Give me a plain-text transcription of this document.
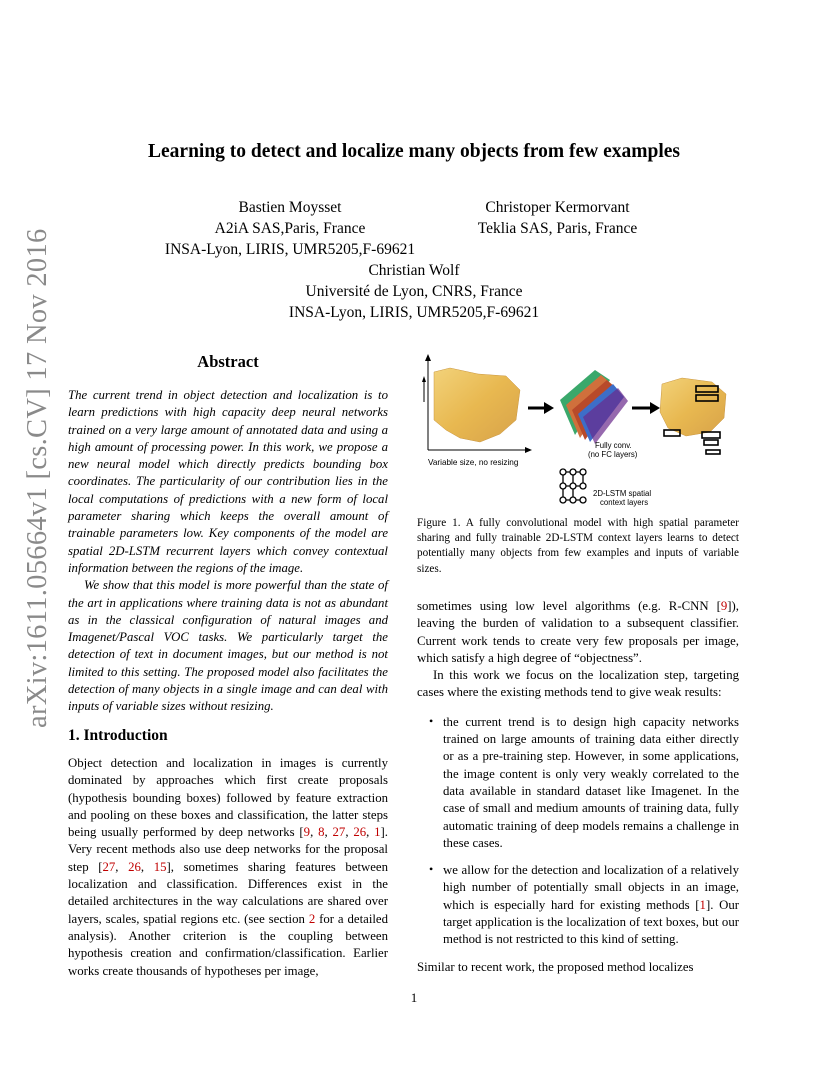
arXiv:1611.05664v1 [cs.CV] 17 Nov 2016
Learning to detect and localize many objects from few examples
Bastien Moysset
A2iA SAS,Paris, France
INSA-Lyon, LIRIS, UMR5205,F-69621
Christoper Kermorvant
Teklia SAS, Paris, France
Christian Wolf
Université de Lyon, CNRS, France
INSA-Lyon, LIRIS, UMR5205,F-69621
Abstract

The current trend in object detection and localization is to learn predictions with high capacity deep neural networks trained on a very large amount of annotated data and using a high amount of processing power. In this work, we propose a new neural model which directly predicts bounding box coordinates. The particularity of our contribution lies in the local computations of predictions with a new form of local parameter sharing which keeps the overall amount of trainable parameters low. Key components of the model are spatial 2D-LSTM recurrent layers which convey contextual information between the regions of the image.

We show that this model is more powerful than the state of the art in applications where training data is not as abundant as in the classical configuration of natural images and Imagenet/Pascal VOC tasks. We particularly target the detection of text in document images, but our method is not limited to this setting. The proposed model also facilitates the detection of many objects in a single image and can deal with inputs of variable sizes without resizing.

1. Introduction

Object detection and localization in images is currently dominated by approaches which first create proposals (hypothesis bounding boxes) followed by feature extraction and pooling on these boxes and classification, the latter steps being usually performed by deep networks [9, 8, 27, 26, 1]. Very recent methods also use deep networks for the proposal step [27, 26, 15], sometimes sharing features between localization and classification. Differences exist in the detailed architectures in the way calculations are shared over layers, scales, spatial regions etc. (see section 2 for a detailed analysis). Another criterion is the coupling between hypothesis creation and confirmation/classification. Earlier works create thousands of hypotheses per image,

Variable size, no resizing
Fully conv.
(no FC layers)
2D-LSTM spatial
context layers

Figure 1. A fully convolutional model with high spatial parameter sharing and fully trainable 2D-LSTM context layers learns to detect potentially many objects from few examples and inputs of variable sizes.

sometimes using low level algorithms (e.g. R-CNN [9]), leaving the burden of validation to a subsequent classifier. Current work tends to create very few proposals per image, which satisfy a high degree of “objectness”.

In this work we focus on the localization step, targeting cases where the existing methods tend to give weak results:

• the current trend is to design high capacity networks trained on large amounts of training data either directly or as a pre-training step. However, in some applications, the image content is only very weakly correlated to the data available in standard dataset like Imagenet. In the case of small and medium amounts of training data, fully automatic training of deep models remains a challenge in these cases.

• we allow for the detection and localization of a relatively high number of potentially small objects in an image, which is especially hard for existing methods [1]. Our target application is the localization of text boxes, but our method is not restricted to this kind of setting.

Similar to recent work, the proposed method localizes

1
